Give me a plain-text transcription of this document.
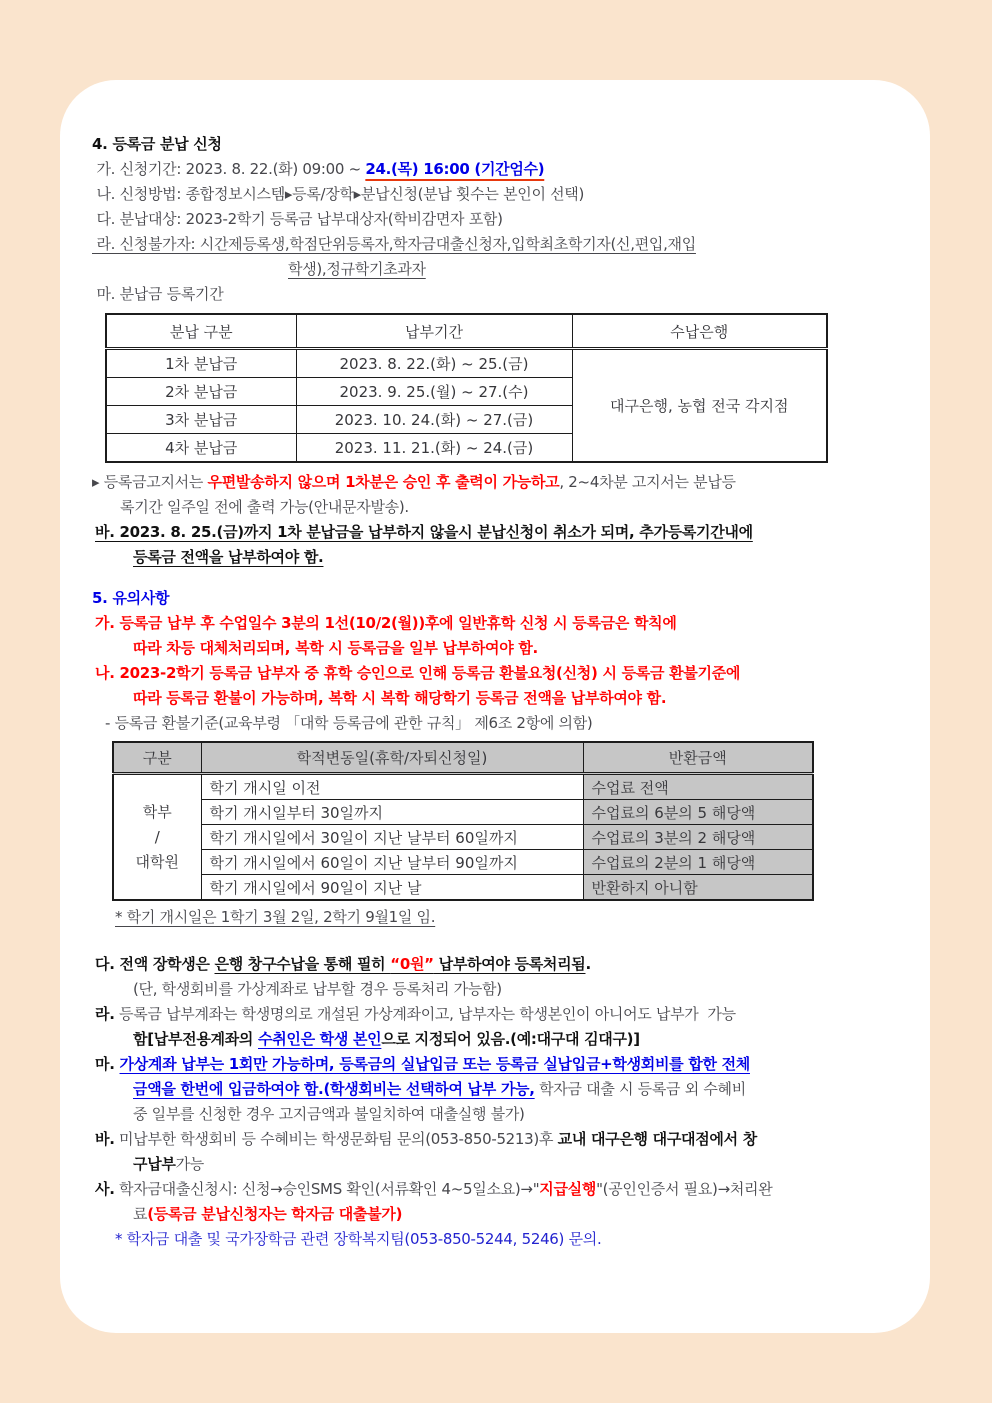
4. 등록금 분납 신청
가. 신청기간: 2023. 8. 22.(화) 09:00 ~ 24.(목) 16:00 (기간엄수)
나. 신청방법: 종합정보시스템▸등록/장학▸분납신청(분납 횟수는 본인이 선택)
다. 분납대상: 2023-2학기 등록금 납부대상자(학비감면자 포함)
라. 신청불가자: 시간제등록생,학점단위등록자,학자금대출신청자,입학최초학기자(신,편입,재입
학생),정규학기초과자
마. 분납금 등록기간
분납 구분	납부기간	수납은행
1차 분납금	2023. 8. 22.(화) ~ 25.(금)	대구은행, 농협 전국 각지점
2차 분납금	2023. 9. 25.(월) ~ 27.(수)	
3차 분납금	2023. 10. 24.(화) ~ 27.(금)	
4차 분납금	2023. 11. 21.(화) ~ 24.(금)	
▸ 등록금고지서는 우편발송하지 않으며 1차분은 승인 후 출력이 가능하고, 2~4차분 고지서는 분납등
록기간 일주일 전에 출력 가능(안내문자발송).
바. 2023. 8. 25.(금)까지 1차 분납금을 납부하지 않을시 분납신청이 취소가 되며, 추가등록기간내에
등록금 전액을 납부하여야 함.
5. 유의사항
가. 등록금 납부 후 수업일수 3분의 1선(10/2(월))후에 일반휴학 신청 시 등록금은 학칙에
따라 차등 대체처리되며, 복학 시 등록금을 일부 납부하여야 함.
나. 2023-2학기 등록금 납부자 중 휴학 승인으로 인해 등록금 환불요청(신청) 시 등록금 환불기준에
따라 등록금 환불이 가능하며, 복학 시 복학 해당학기 등록금 전액을 납부하여야 함.
- 등록금 환불기준(교육부령 「대학 등록금에 관한 규칙」 제6조 2항에 의함)
구분	학적변동일(휴학/자퇴신청일)	반환금액

학부
/
대학원	학기 개시일 이전	수업료 전액
	학기 개시일부터 30일까지	수업료의 6분의 5 해당액
	학기 개시일에서 30일이 지난 날부터 60일까지	수업료의 3분의 2 해당액
	학기 개시일에서 60일이 지난 날부터 90일까지	수업료의 2분의 1 해당액
	학기 개시일에서 90일이 지난 날	반환하지 아니함
* 학기 개시일은 1학기 3월 2일, 2학기 9월1일 임.
다. 전액 장학생은 은행 창구수납을 통해 필히 “0원” 납부하여야 등록처리됨.
(단, 학생회비를 가상계좌로 납부할 경우 등록처리 가능함)
라. 등록금 납부계좌는 학생명의로 개설된 가상계좌이고, 납부자는 학생본인이 아니어도 납부가  가능
함[납부전용계좌의 수취인은 학생 본인으로 지정되어 있음.(예:대구대 김대구)]
마. 가상계좌 납부는 1회만 가능하며, 등록금의 실납입금 또는 등록금 실납입금+학생회비를 합한 전체
금액을 한번에 입금하여야 함.(학생회비는 선택하여 납부 가능, 학자금 대출 시 등록금 외 수혜비
중 일부를 신청한 경우 고지금액과 불일치하여 대출실행 불가)
바. 미납부한 학생회비 등 수혜비는 학생문화팀 문의(053-850-5213)후 교내 대구은행 대구대점에서 창
구납부가능
사. 학자금대출신청시: 신청→승인SMS 확인(서류확인 4~5일소요)→"지급실행"(공인인증서 필요)→처리완
료(등록금 분납신청자는 학자금 대출불가)
* 학자금 대출 및 국가장학금 관련 장학복지팀(053-850-5244, 5246) 문의.
